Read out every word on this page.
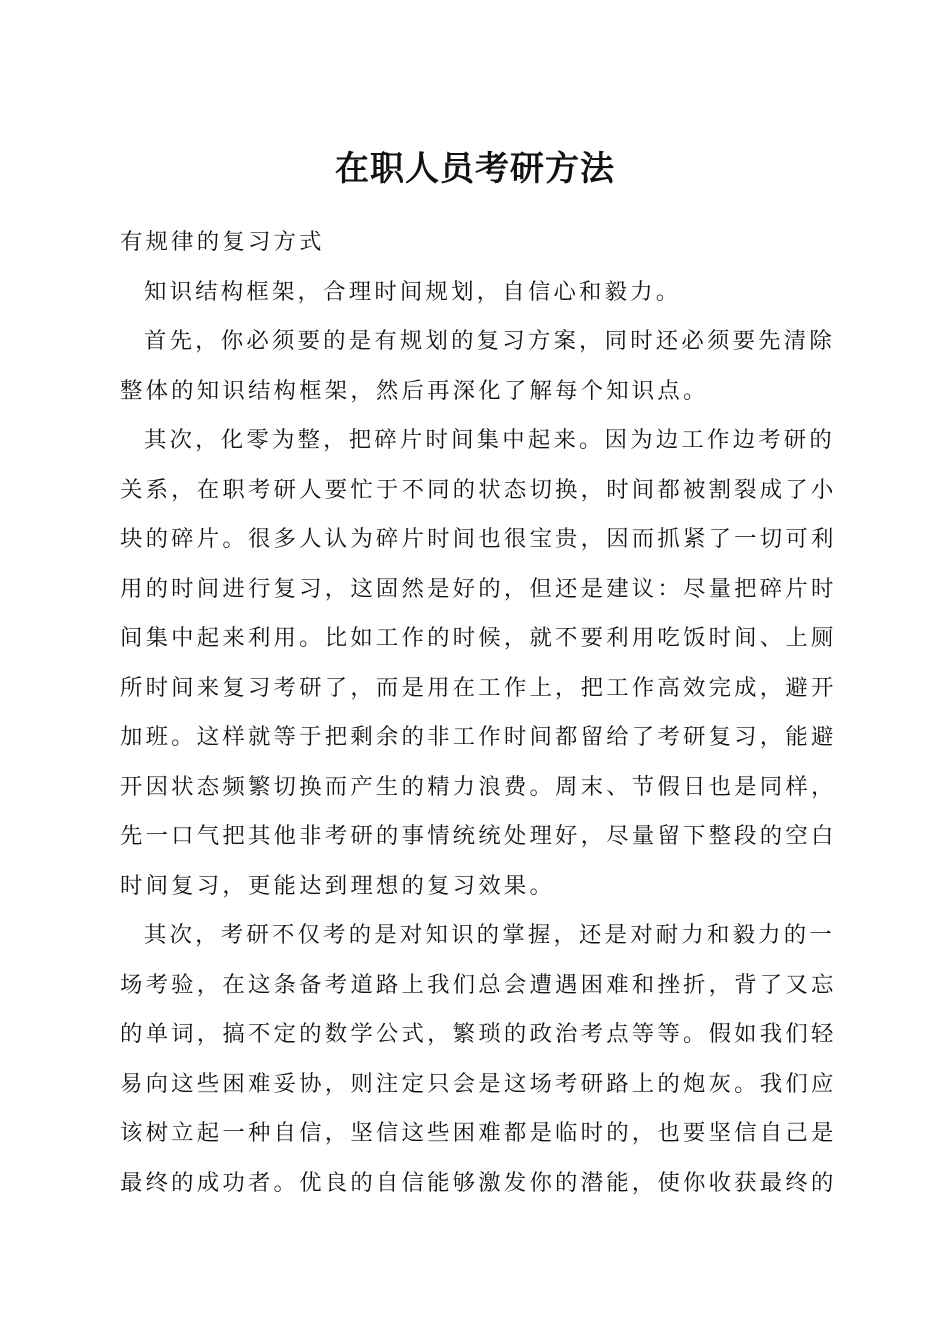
在职人员考研方法

有规律的复习方式

知识结构框架，合理时间规划，自信心和毅力。

首先，你必须要的是有规划的复习方案，同时还必须要先清除
整体的知识结构框架，然后再深化了解每个知识点。

其次，化零为整，把碎片时间集中起来。因为边工作边考研的
关系，在职考研人要忙于不同的状态切换，时间都被割裂成了小
块的碎片。很多人认为碎片时间也很宝贵，因而抓紧了一切可利
用的时间进行复习，这固然是好的，但还是建议：尽量把碎片时
间集中起来利用。比如工作的时候，就不要利用吃饭时间、上厕
所时间来复习考研了，而是用在工作上，把工作高效完成，避开
加班。这样就等于把剩余的非工作时间都留给了考研复习，能避
开因状态频繁切换而产生的精力浪费。周末、节假日也是同样，
先一口气把其他非考研的事情统统处理好，尽量留下整段的空白
时间复习，更能达到理想的复习效果。

其次，考研不仅考的是对知识的掌握，还是对耐力和毅力的一
场考验，在这条备考道路上我们总会遭遇困难和挫折，背了又忘
的单词，搞不定的数学公式，繁琐的政治考点等等。假如我们轻
易向这些困难妥协，则注定只会是这场考研路上的炮灰。我们应
该树立起一种自信，坚信这些困难都是临时的，也要坚信自己是
最终的成功者。优良的自信能够激发你的潜能，使你收获最终的
